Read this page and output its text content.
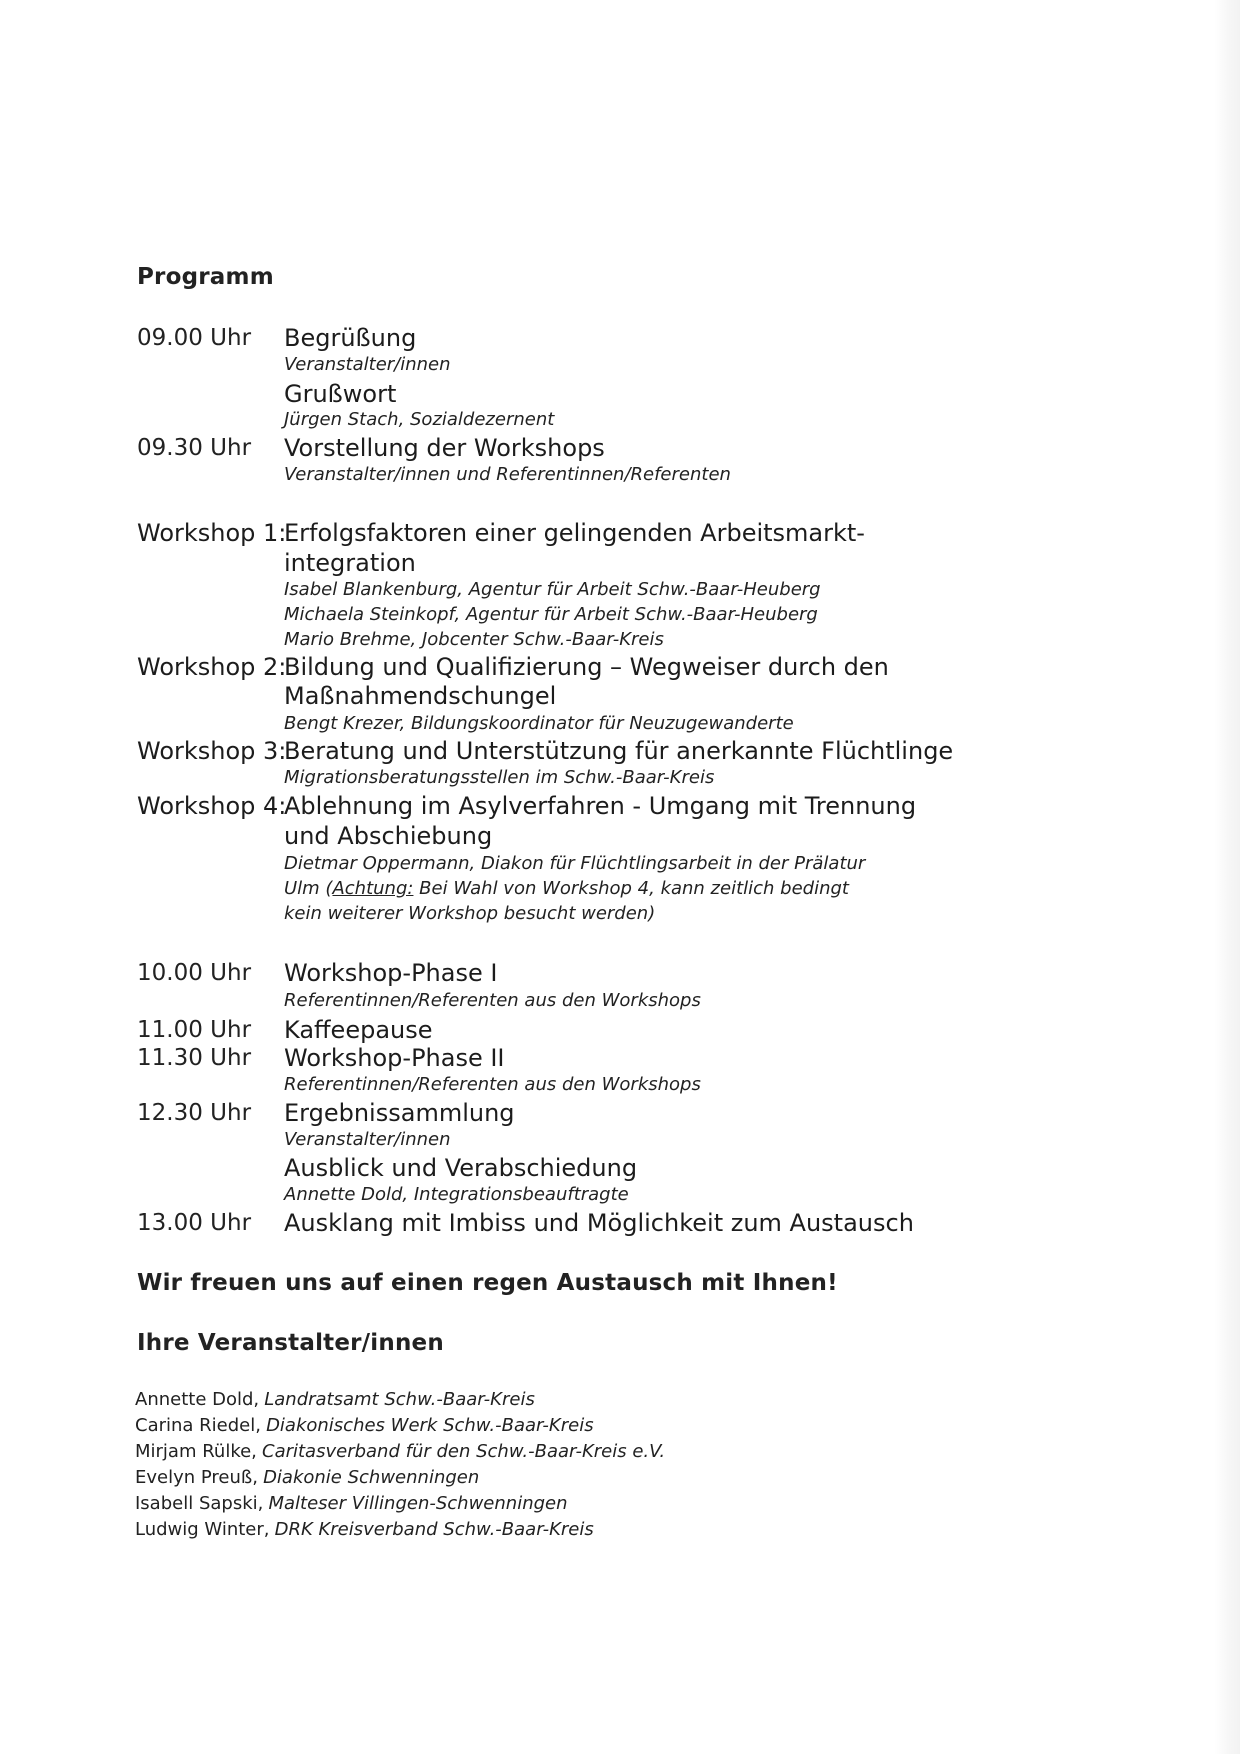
Programm
09.00 Uhr Begrüßung
Veranstalter/innen
Grußwort
Jürgen Stach, Sozialdezernent
09.30 Uhr Vorstellung der Workshops
Veranstalter/innen und Referentinnen/Referenten
Workshop 1:
Erfolgsfaktoren einer gelingenden Arbeitsmarkt-
integration
Isabel Blankenburg, Agentur für Arbeit Schw.-Baar-Heuberg
Michaela Steinkopf, Agentur für Arbeit Schw.-Baar-Heuberg
Mario Brehme, Jobcenter Schw.-Baar-Kreis
Workshop 2:
Bildung und Qualifizierung – Wegweiser durch den
Maßnahmendschungel
Bengt Krezer, Bildungskoordinator für Neuzugewanderte
Workshop 3:
Beratung und Unterstützung für anerkannte Flüchtlinge
Migrationsberatungsstellen im Schw.-Baar-Kreis
Workshop 4:
Ablehnung im Asylverfahren - Umgang mit Trennung
und Abschiebung
Dietmar Oppermann, Diakon für Flüchtlingsarbeit in der Prälatur
Ulm (Achtung: Bei Wahl von Workshop 4, kann zeitlich bedingt
kein weiterer Workshop besucht werden)
10.00 Uhr Workshop-Phase I
Referentinnen/Referenten aus den Workshops
11.00 Uhr Kaffeepause
11.30 Uhr Workshop-Phase II
Referentinnen/Referenten aus den Workshops
12.30 Uhr Ergebnissammlung
Veranstalter/innen
Ausblick und Verabschiedung
Annette Dold, Integrationsbeauftragte
13.00 Uhr Ausklang mit Imbiss und Möglichkeit zum Austausch
Wir freuen uns auf einen regen Austausch mit Ihnen!
Ihre Veranstalter/innen
Annette Dold, Landratsamt Schw.-Baar-Kreis
Carina Riedel, Diakonisches Werk Schw.-Baar-Kreis
Mirjam Rülke, Caritasverband für den Schw.-Baar-Kreis e.V.
Evelyn Preuß, Diakonie Schwenningen
Isabell Sapski, Malteser Villingen-Schwenningen
Ludwig Winter, DRK Kreisverband Schw.-Baar-Kreis
